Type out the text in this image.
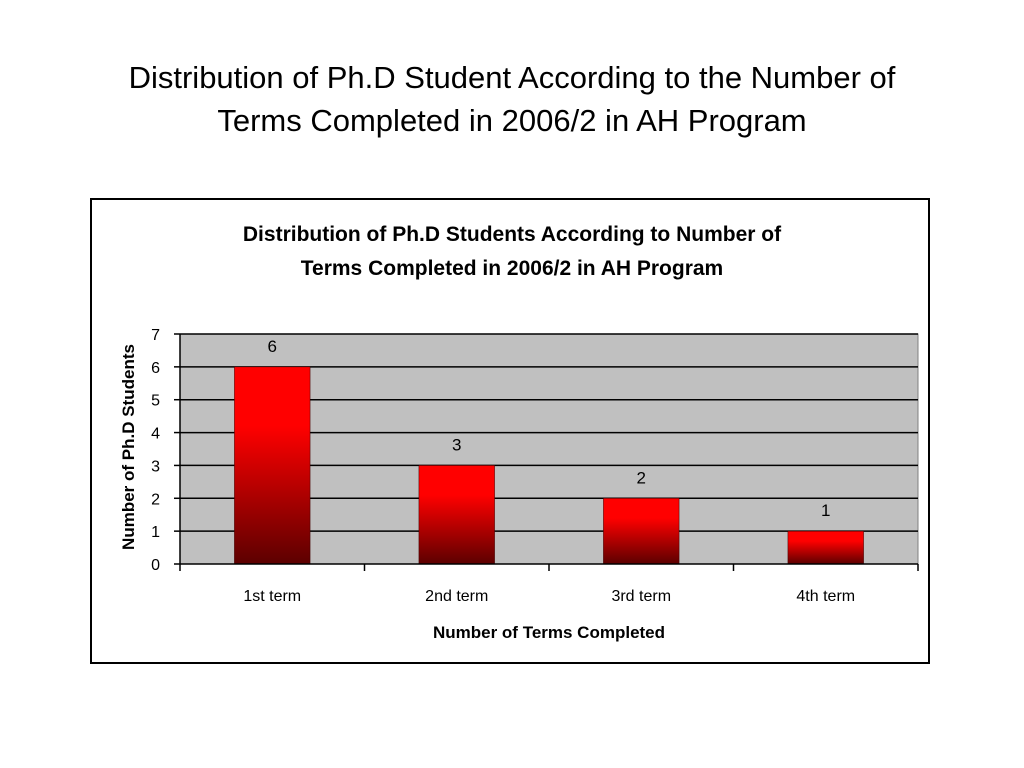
Distribution of Ph.D Student According to the Number of
Terms Completed in 2006/2 in AH Program
Distribution of Ph.D Students According to Number of
Terms Completed in 2006/2 in AH Program
1st term	2nd term	3rd term	4th term
0
1
2
3
4
5
6
7
6
3
2
1
Number of Terms Completed
Number of Ph.D Students
